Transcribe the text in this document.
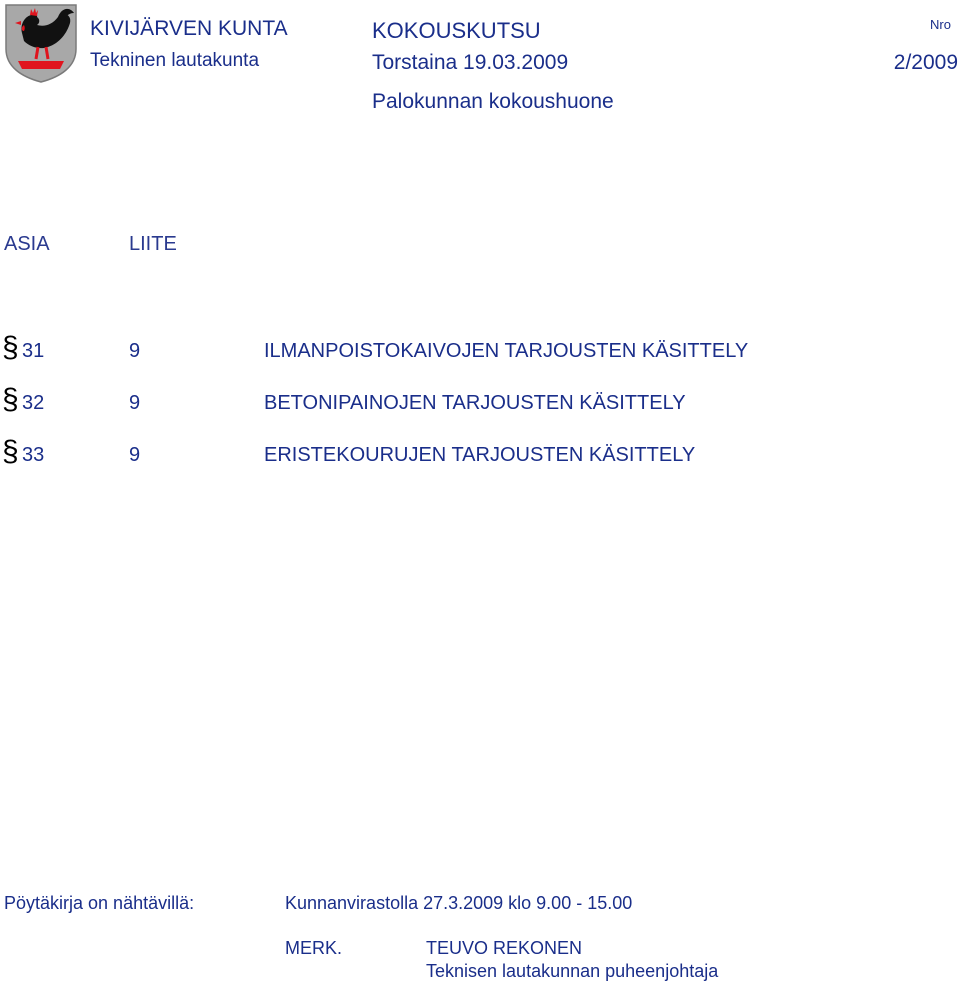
KIVIJÄRVEN KUNTA
Tekninen lautakunta
KOKOUSKUTSU
Torstaina 19.03.2009
Palokunnan kokoushuone
Nro
2/2009
ASIA	LIITE
§ 31	9	ILMANPOISTOKAIVOJEN TARJOUSTEN KÄSITTELY
§ 32	9	BETONIPAINOJEN TARJOUSTEN KÄSITTELY
§ 33	9	ERISTEKOURUJEN TARJOUSTEN KÄSITTELY
Pöytäkirja on nähtävillä:	Kunnanvirastolla 27.3.2009 klo 9.00 - 15.00
MERK.	TEUVO REKONEN
Teknisen lautakunnan puheenjohtaja
